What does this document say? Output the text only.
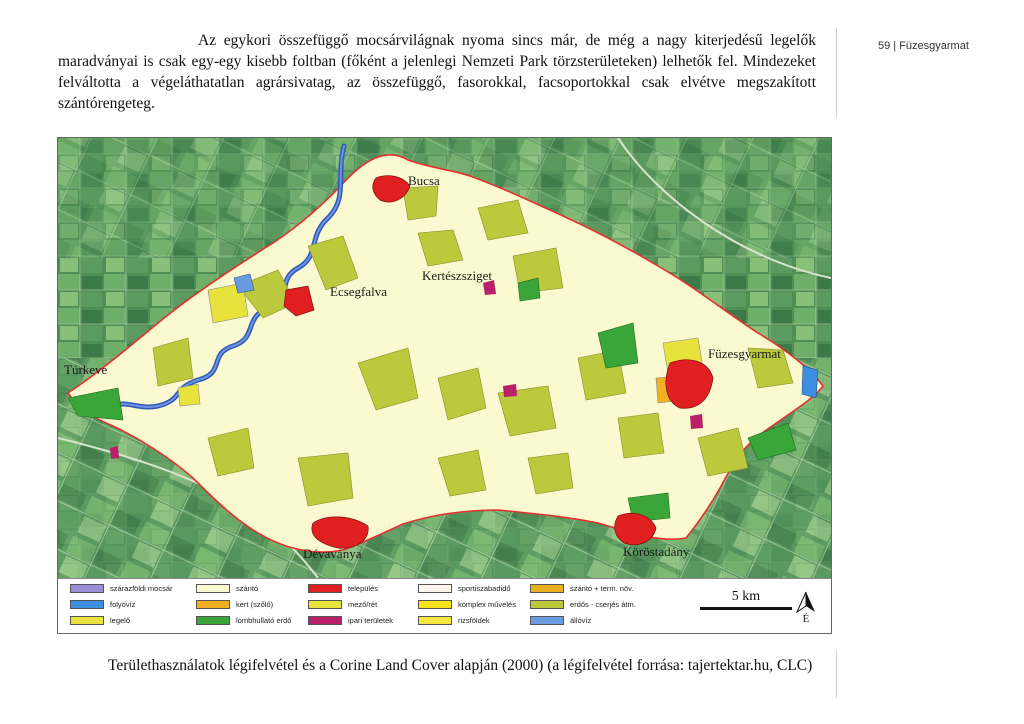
59 | Füzesgyarmat

Az egykori összefüggő mocsárvilágnak nyoma sincs már, de még a nagy kiterjedésű legelők maradványai is csak egy-egy kisebb foltban (főként a jelenlegi Nemzeti Park törzsterületeken) lelhetők fel. Mindezeket felváltotta a végeláthatatlan agrársivatag, az összefüggő, fasorokkal, facsoportokkal csak elvétve megszakított szántórengeteg.

Bucsa
Kertészsziget
Ecsegfalva
Füzesgyarmat
Túrkeve
Dévaványa	Köröstadány
szárazföldi mocsár
folyóvíz
legelő
szántó
kert (szőlő)
lombhullató erdő
település
mező/rét
ipari területek
sportiszabadidő
komplex művelés
rizsföldek
szántó + term. növ.
erdős - cserjés átm.
állóvíz
5 km
É

Területhasználatok légifelvétel és a Corine Land Cover alapján (2000) (a légifelvétel forrása: tajertektar.hu, CLC)
